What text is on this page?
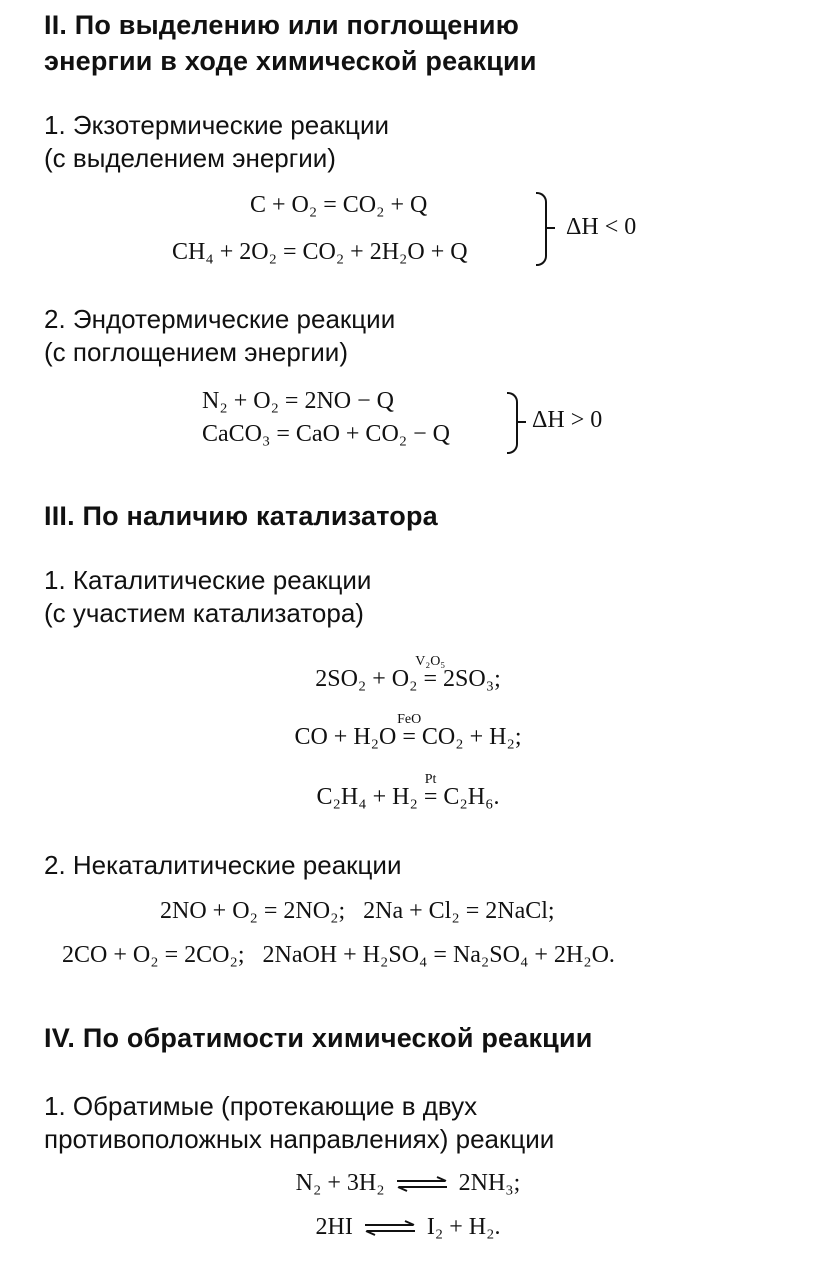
II. По выделению или поглощению
энергии в ходе химической реакции
1. Экзотермические реакции
(с выделением энергии)
C + O₂ = CO₂ + Q
CH₄ + 2O₂ = CO₂ + 2H₂O + Q
ΔH < 0
2. Эндотермические реакции
(с поглощением энергии)
N₂ + O₂ = 2NO − Q
CaCO₃ = CaO + CO₂ − Q
ΔH > 0
III. По наличию катализатора
1. Каталитические реакции
(с участием катализатора)
2SO₂ + O₂ =
V₂O₅
2SO₃;
CO + H₂O =
FeO
CO₂ + H₂;
C₂H₄ + H₂ =
Pt
C₂H₆.
2. Некаталитические реакции
2NO + O₂ = 2NO₂;   2Na + Cl₂ = 2NaCl;
2CO + O₂ = 2CO₂;   2NaOH + H₂SO₄ = Na₂SO₄ + 2H₂O.
IV. По обратимости химической реакции
1. Обратимые (протекающие в двух
противоположных направлениях) реакции
N₂ + 3H₂ ⇌ 2NH₃;
2HI ⇌ I₂ + H₂.
